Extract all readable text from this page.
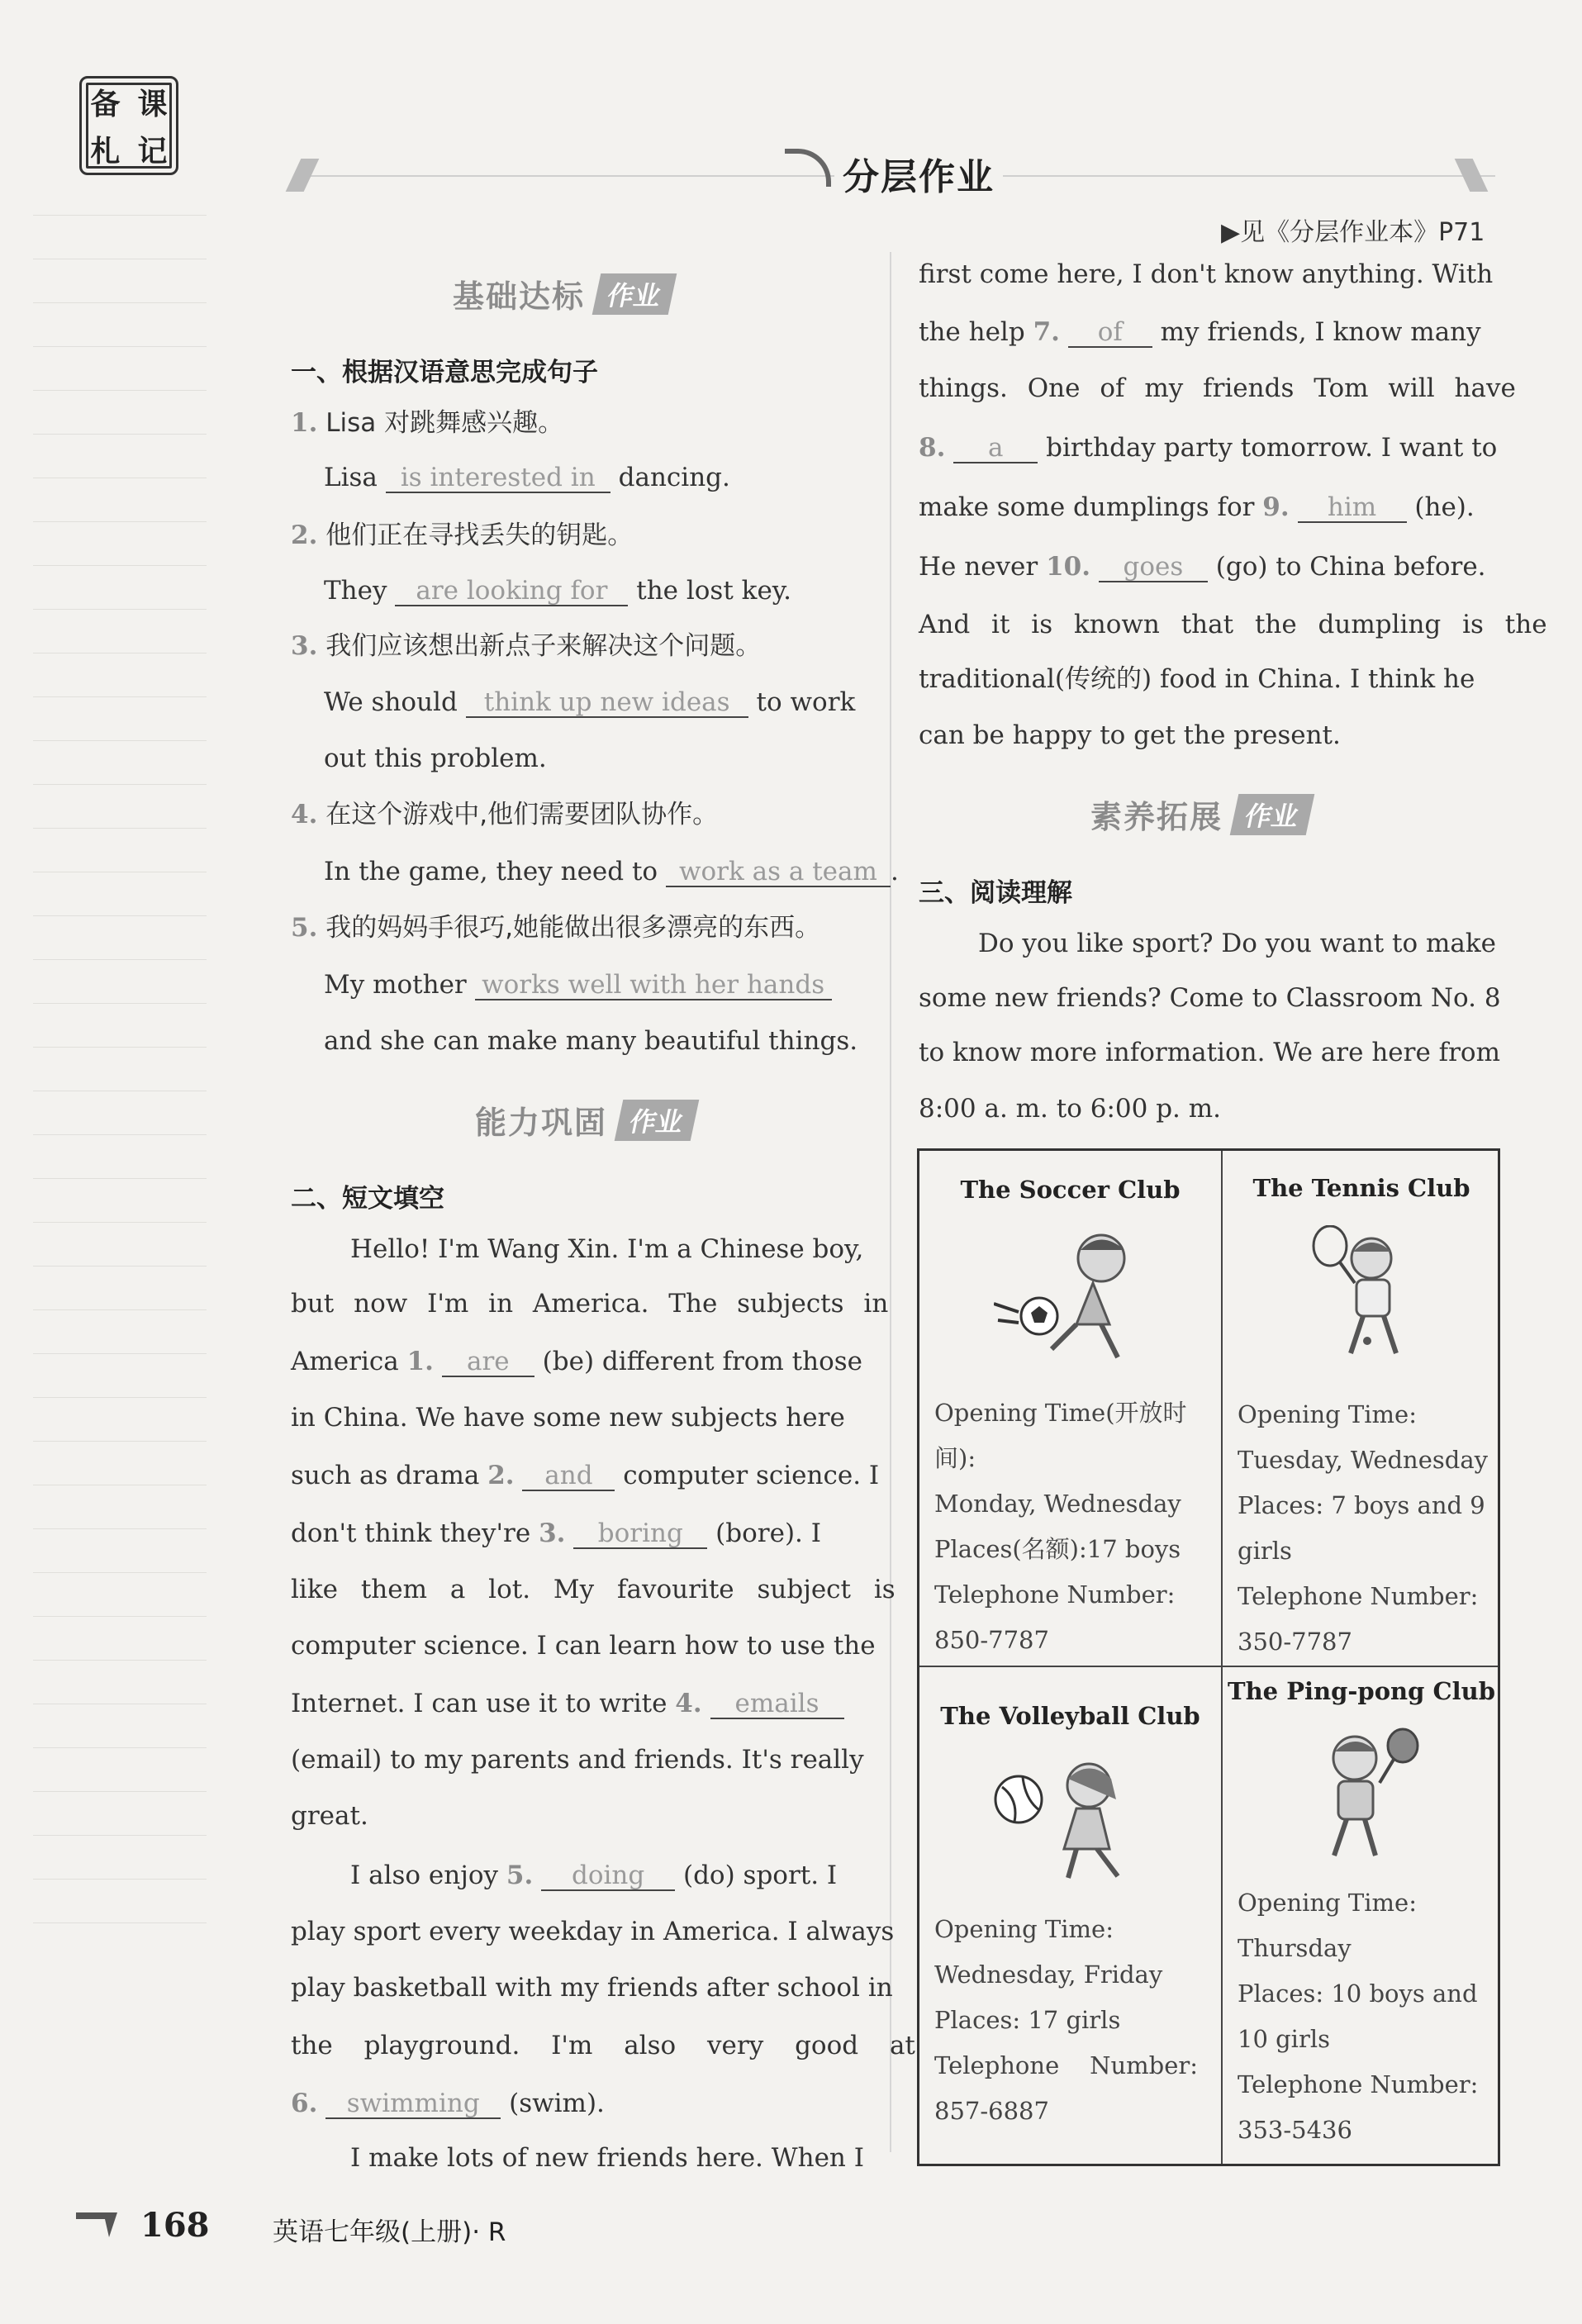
备 课
札 记
分层作业
▶见《分层作业本》P71
基础达标 作业
一、根据汉语意思完成句子
1. Lisa 对跳舞感兴趣。
Lisa is interested in dancing.
2. 他们正在寻找丢失的钥匙。
They are looking for the lost key.
3. 我们应该想出新点子来解决这个问题。
We should think up new ideas to work
out this problem.
4. 在这个游戏中,他们需要团队协作。
In the game, they need to work as a team .
5. 我的妈妈手很巧,她能做出很多漂亮的东西。
My mother works well with her hands
and she can make many beautiful things.
能力巩固 作业
二、短文填空
Hello! I'm Wang Xin. I'm a Chinese boy,
but now I'm in America. The subjects in
America 1. are (be) different from those
in China. We have some new subjects here
such as drama 2. and computer science. I
don't think they're 3. boring (bore). I
like them a lot. My favourite subject is
computer science. I can learn how to use the
Internet. I can use it to write 4. emails
(email) to my parents and friends. It's really
great.
I also enjoy 5. doing (do) sport. I
play sport every weekday in America. I always
play basketball with my friends after school in
the playground. I'm also very good at
6. swimming (swim).
I make lots of new friends here. When I
first come here, I don't know anything. With
the help 7. of my friends, I know many
things. One of my friends Tom will have
8. a birthday party tomorrow. I want to
make some dumplings for 9. him (he).
He never 10. goes (go) to China before.
And it is known that the dumpling is the
traditional(传统的) food in China. I think he
can be happy to get the present.
素养拓展 作业
三、阅读理解
Do you like sport? Do you want to make
some new friends? Come to Classroom No. 8
to know more information. We are here from
8:00 a. m. to 6:00 p. m.
The Soccer Club
Opening Time(开放时
间):
Monday, Wednesday
Places(名额):17 boys
Telephone Number:
850-7787
The Tennis Club
Opening Time:
Tuesday, Wednesday
Places: 7 boys and 9
girls
Telephone Number:
350-7787
The Volleyball Club
Opening Time:
Wednesday, Friday
Places: 17 girls
Telephone    Number:
857-6887
The Ping-pong Club
Opening Time:
Thursday
Places: 10 boys and
10 girls
Telephone Number:
353-5436
168 英语七年级(上册)· R
